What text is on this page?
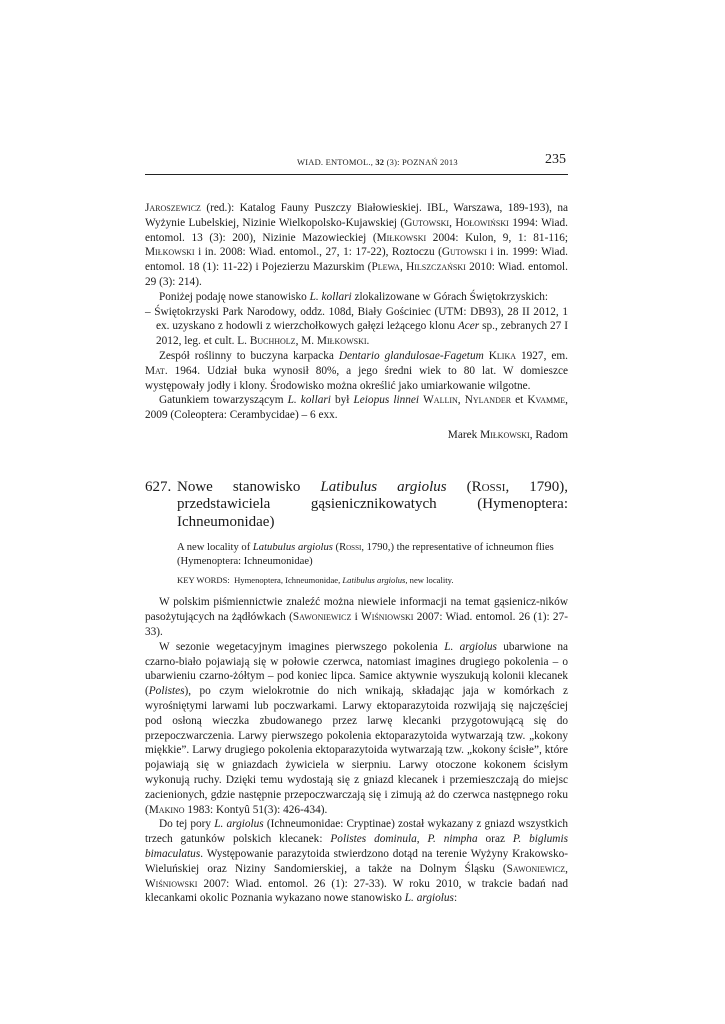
WIAD. ENTOMOL., 32 (3): POZNAŃ 2013	235

Jaroszewicz (red.): Katalog Fauny Puszczy Białowieskiej. IBL, Warszawa, 189-193), na Wyżynie Lubelskiej, Nizinie Wielkopolsko-Kujawskiej (Gutowski, Hołowiński 1994: Wiad. entomol. 13 (3): 200), Nizinie Mazowieckiej (Miłkowski 2004: Kulon, 9, 1: 81-116; Miłkowski i in. 2008: Wiad. entomol., 27, 1: 17-22), Roztoczu (Gutowski i in. 1999: Wiad. entomol. 18 (1): 11-22) i Pojezierzu Mazurskim (Plewa, Hilszczański 2010: Wiad. entomol. 29 (3): 214).

Poniżej podaję nowe stanowisko L. kollari zlokalizowane w Górach Świętokrzyskich:

– Świętokrzyski Park Narodowy, oddz. 108d, Biały Gościniec (UTM: DB93), 28 II 2012, 1 ex. uzyskano z hodowli z wierzchołkowych gałęzi leżącego klonu Acer sp., zebranych 27 I 2012, leg. et cult. L. Buchholz, M. Miłkowski.

Zespół roślinny to buczyna karpacka Dentario glandulosae-Fagetum Klika 1927, em. Mat. 1964. Udział buka wynosił 80%, a jego średni wiek to 80 lat. W domieszce występowały jodły i klony. Środowisko można określić jako umiarkowanie wilgotne.

Gatunkiem towarzyszącym L. kollari był Leiopus linnei Wallin, Nylander et Kvamme, 2009 (Coleoptera: Cerambycidae) – 6 exx.

Marek Miłkowski, Radom

627. Nowe stanowisko Latibulus argiolus (Rossi, 1790), przedstawiciela gąsienicznikowatych (Hymenoptera: Ichneumonidae)

A new locality of Latubulus argiolus (Rossi, 1790,) the representative of ichneumon flies (Hymenoptera: Ichneumonidae)

KEY WORDS:  Hymenoptera, Ichneumonidae, Latibulus argiolus, new locality.

W polskim piśmiennictwie znaleźć można niewiele informacji na temat gąsienicz-ników pasożytujących na żądłówkach (Sawoniewicz i Wiśniowski 2007: Wiad. entomol. 26 (1): 27-33).

W sezonie wegetacyjnym imagines pierwszego pokolenia L. argiolus ubarwione na czarno-biało pojawiają się w połowie czerwca, natomiast imagines drugiego pokolenia – o ubarwieniu czarno-żółtym – pod koniec lipca. Samice aktywnie wyszukują kolonii klecanek (Polistes), po czym wielokrotnie do nich wnikają, składając jaja w komórkach z wyrośniętymi larwami lub poczwarkami. Larwy ektoparazytoida rozwijają się najczęściej pod osłoną wieczka zbudowanego przez larwę klecanki przygotowującą się do przepoczwarczenia. Larwy pierwszego pokolenia ektoparazytoida wytwarzają tzw. „kokony miękkie”. Larwy drugiego pokolenia ektoparazytoida wytwarzają tzw. „kokony ścisłe”, które pojawiają się w gniazdach żywiciela w sierpniu. Larwy otoczone kokonem ścisłym wykonują ruchy. Dzięki temu wydostają się z gniazd klecanek i przemieszczają do miejsc zacienionych, gdzie następnie przepoczwarczają się i zimują aż do czerwca następnego roku (Makino 1983: Kontyû 51(3): 426-434).

Do tej pory L. argiolus (Ichneumonidae: Cryptinae) został wykazany z gniazd wszystkich trzech gatunków polskich klecanek: Polistes dominula, P. nimpha oraz P. biglumis bimaculatus. Występowanie parazytoida stwierdzono dotąd na terenie Wyżyny Krakowsko-Wieluńskiej oraz Niziny Sandomierskiej, a także na Dolnym Śląsku (Sawoniewicz, Wiśniowski 2007: Wiad. entomol. 26 (1): 27-33). W roku 2010, w trakcie badań nad klecankami okolic Poznania wykazano nowe stanowisko L. argiolus:
